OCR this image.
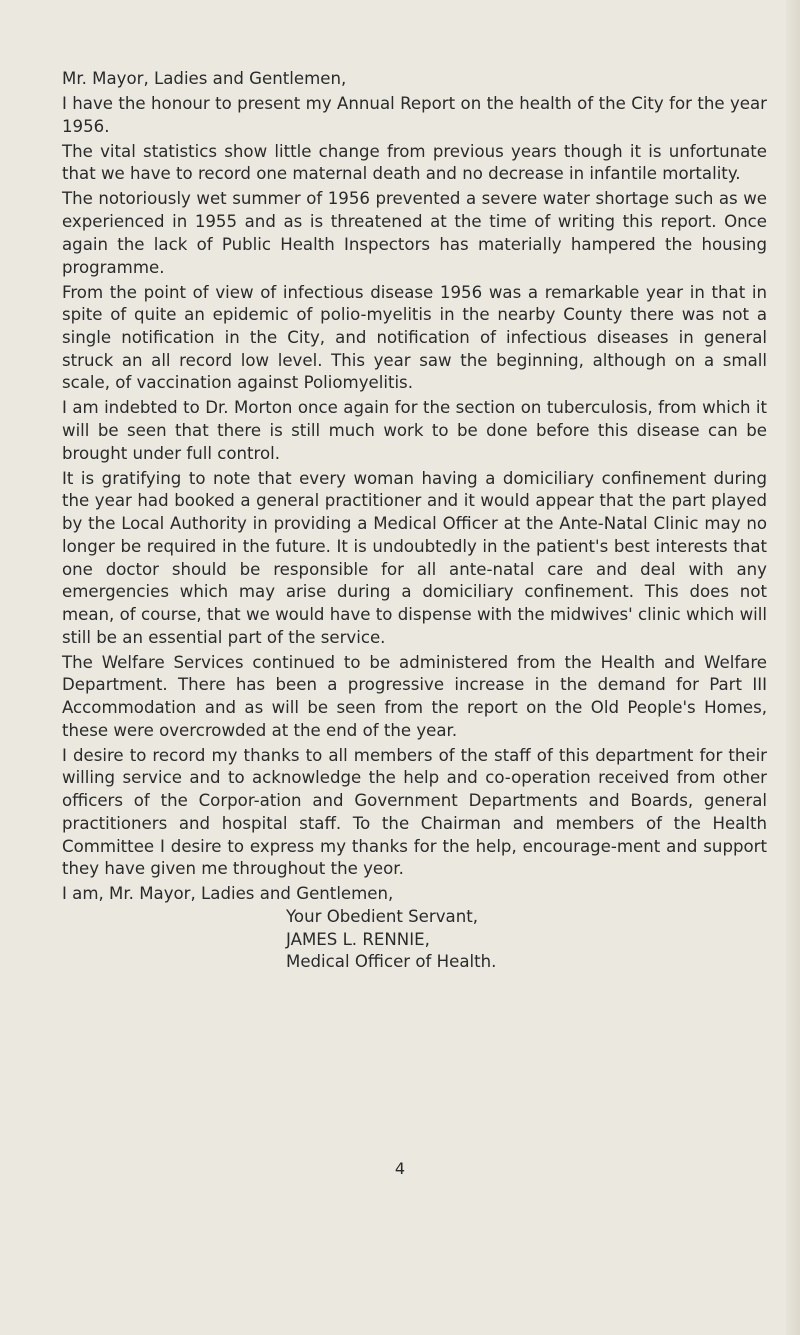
Mr. Mayor, Ladies and Gentlemen,

I have the honour to present my Annual Report on the health of the City for the year 1956.

The vital statistics show little change from previous years though it is unfortunate that we have to record one maternal death and no decrease in infantile mortality.

The notoriously wet summer of 1956 prevented a severe water shortage such as we experienced in 1955 and as is threatened at the time of writing this report. Once again the lack of Public Health Inspectors has materially hampered the housing programme.

From the point of view of infectious disease 1956 was a remarkable year in that in spite of quite an epidemic of polio-myelitis in the nearby County there was not a single notification in the City, and notification of infectious diseases in general struck an all record low level. This year saw the beginning, although on a small scale, of vaccination against Poliomyelitis.

I am indebted to Dr. Morton once again for the section on tuberculosis, from which it will be seen that there is still much work to be done before this disease can be brought under full control.

It is gratifying to note that every woman having a domiciliary confinement during the year had booked a general practitioner and it would appear that the part played by the Local Authority in providing a Medical Officer at the Ante-Natal Clinic may no longer be required in the future. It is undoubtedly in the patient's best interests that one doctor should be responsible for all ante-natal care and deal with any emergencies which may arise during a domiciliary confinement. This does not mean, of course, that we would have to dispense with the midwives' clinic which will still be an essential part of the service.

The Welfare Services continued to be administered from the Health and Welfare Department. There has been a progressive increase in the demand for Part III Accommodation and as will be seen from the report on the Old People's Homes, these were overcrowded at the end of the year.

I desire to record my thanks to all members of the staff of this department for their willing service and to acknowledge the help and co-operation received from other officers of the Corpor-ation and Government Departments and Boards, general practitioners and hospital staff. To the Chairman and members of the Health Committee I desire to express my thanks for the help, encourage-ment and support they have given me throughout the yeor.

I am, Mr. Mayor, Ladies and Gentlemen,

Your Obedient Servant,
JAMES L. RENNIE,
Medical Officer of Health.
4
